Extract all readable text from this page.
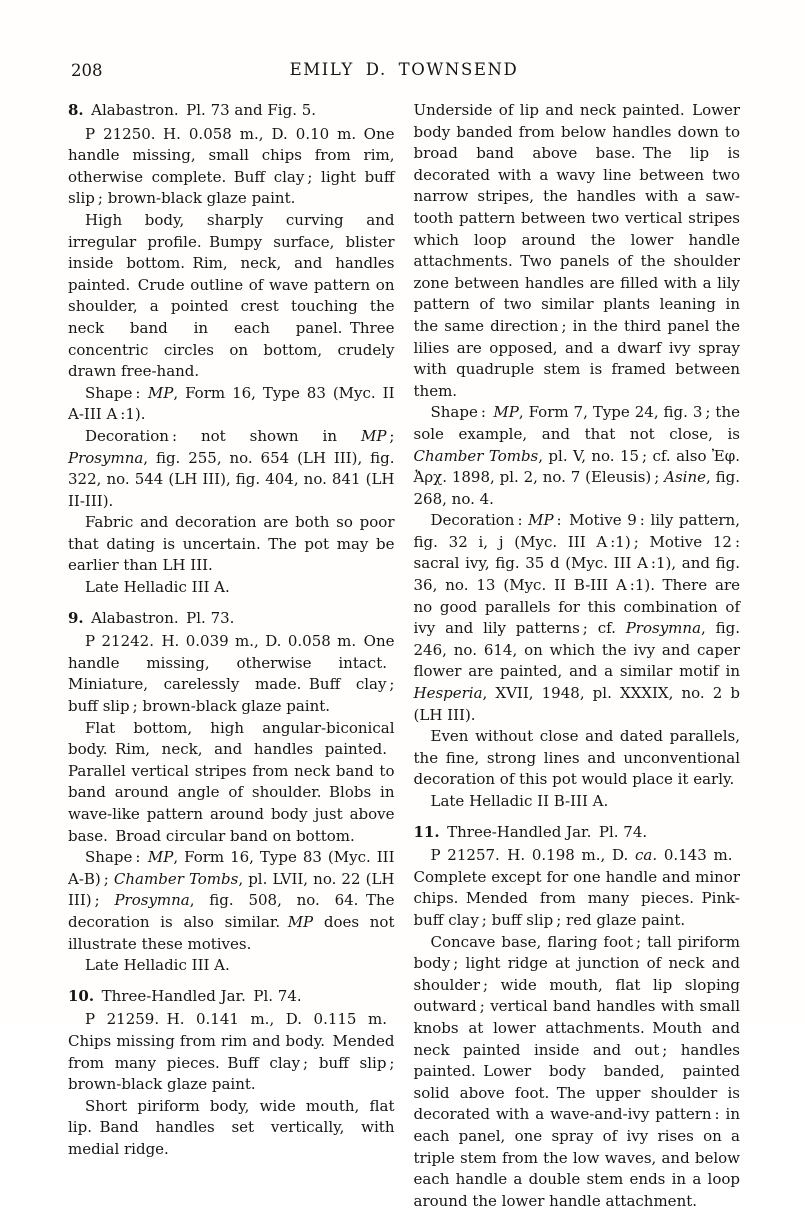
208	EMILY D. TOWNSEND

8. Alabastron. Pl. 73 and Fig. 5.

P 21250. H. 0.058 m., D. 0.10 m. One handle missing, small chips from rim, otherwise complete. Buff clay ; light buff slip ; brown-black glaze paint.

High body, sharply curving and irregular profile. Bumpy surface, blister inside bottom. Rim, neck, and handles painted. Crude outline of wave pattern on shoulder, a pointed crest touching the neck band in each panel. Three concentric circles on bottom, crudely drawn free-hand.

Shape : MP, Form 16, Type 83 (Myc. II A-III A :1).

Decoration : not shown in MP ; Prosymna, fig. 255, no. 654 (LH III), fig. 322, no. 544 (LH III), fig. 404, no. 841 (LH II-III).

Fabric and decoration are both so poor that dating is uncertain. The pot may be earlier than LH III.

Late Helladic III A.

9. Alabastron. Pl. 73.

P 21242. H. 0.039 m., D. 0.058 m. One handle missing, otherwise intact. Miniature, carelessly made. Buff clay ; buff slip ; brown-black glaze paint.

Flat bottom, high angular-biconical body. Rim, neck, and handles painted. Parallel vertical stripes from neck band to band around angle of shoulder. Blobs in wave-like pattern around body just above base. Broad circular band on bottom.

Shape : MP, Form 16, Type 83 (Myc. III A-B) ; Chamber Tombs, pl. LVII, no. 22 (LH III) ; Prosymna, fig. 508, no. 64. The decoration is also similar. MP does not illustrate these motives.

Late Helladic III A.

10. Three-Handled Jar. Pl. 74.

P 21259. H. 0.141 m., D. 0.115 m. Chips missing from rim and body. Mended from many pieces. Buff clay ; buff slip ; brown-black glaze paint.

Short piriform body, wide mouth, flat lip. Band handles set vertically, with medial ridge.

Underside of lip and neck painted. Lower body banded from below handles down to broad band above base. The lip is decorated with a wavy line between two narrow stripes, the handles with a saw-tooth pattern between two vertical stripes which loop around the lower handle attachments. Two panels of the shoulder zone between handles are filled with a lily pattern of two similar plants leaning in the same direction ; in the third panel the lilies are opposed, and a dwarf ivy spray with quadruple stem is framed between them.

Shape : MP, Form 7, Type 24, fig. 3 ; the sole example, and that not close, is Chamber Tombs, pl. V, no. 15 ; cf. also Ἐφ. Ἀρχ. 1898, pl. 2, no. 7 (Eleusis) ; Asine, fig. 268, no. 4.

Decoration : MP : Motive 9 : lily pattern, fig. 32 i, j (Myc. III A :1) ; Motive 12 : sacral ivy, fig. 35 d (Myc. III A :1), and fig. 36, no. 13 (Myc. II B-III A :1). There are no good parallels for this combination of ivy and lily patterns ; cf. Prosymna, fig. 246, no. 614, on which the ivy and caper flower are painted, and a similar motif in Hesperia, XVII, 1948, pl. XXXIX, no. 2 b (LH III).

Even without close and dated parallels, the fine, strong lines and unconventional decoration of this pot would place it early.

Late Helladic II B-III A.

11. Three-Handled Jar. Pl. 74.

P 21257. H. 0.198 m., D. ca. 0.143 m. Complete except for one handle and minor chips. Mended from many pieces. Pink-buff clay ; buff slip ; red glaze paint.

Concave base, flaring foot ; tall piriform body ; light ridge at junction of neck and shoulder ; wide mouth, flat lip sloping outward ; vertical band handles with small knobs at lower attachments. Mouth and neck painted inside and out ; handles painted. Lower body banded, painted solid above foot. The upper shoulder is decorated with a wave-and-ivy pattern : in each panel, one spray of ivy rises on a triple stem from the low waves, and below each handle a double stem ends in a loop around the lower handle attachment.
